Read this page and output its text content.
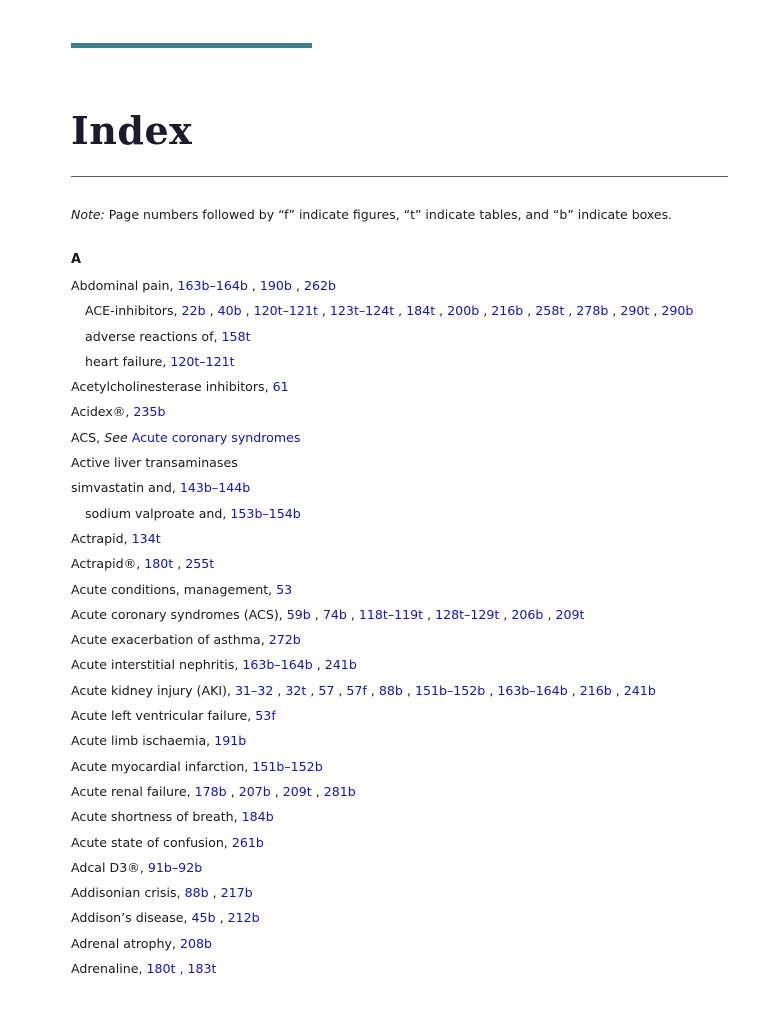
Index
Note: Page numbers followed by “f” indicate figures, “t” indicate tables, and “b” indicate boxes.
A
Abdominal pain, 163b–164b , 190b , 262b
ACE-inhibitors, 22b , 40b , 120t–121t , 123t–124t , 184t , 200b , 216b , 258t , 278b , 290t , 290b
adverse reactions of, 158t
heart failure, 120t–121t
Acetylcholinesterase inhibitors, 61
Acidex®, 235b
ACS, See Acute coronary syndromes
Active liver transaminases
simvastatin and, 143b–144b
sodium valproate and, 153b–154b
Actrapid, 134t
Actrapid®, 180t , 255t
Acute conditions, management, 53
Acute coronary syndromes (ACS), 59b , 74b , 118t–119t , 128t–129t , 206b , 209t
Acute exacerbation of asthma, 272b
Acute interstitial nephritis, 163b–164b , 241b
Acute kidney injury (AKI), 31–32 , 32t , 57 , 57f , 88b , 151b–152b , 163b–164b , 216b , 241b
Acute left ventricular failure, 53f
Acute limb ischaemia, 191b
Acute myocardial infarction, 151b–152b
Acute renal failure, 178b , 207b , 209t , 281b
Acute shortness of breath, 184b
Acute state of confusion, 261b
Adcal D3®, 91b–92b
Addisonian crisis, 88b , 217b
Addison’s disease, 45b , 212b
Adrenal atrophy, 208b
Adrenaline, 180t , 183t
